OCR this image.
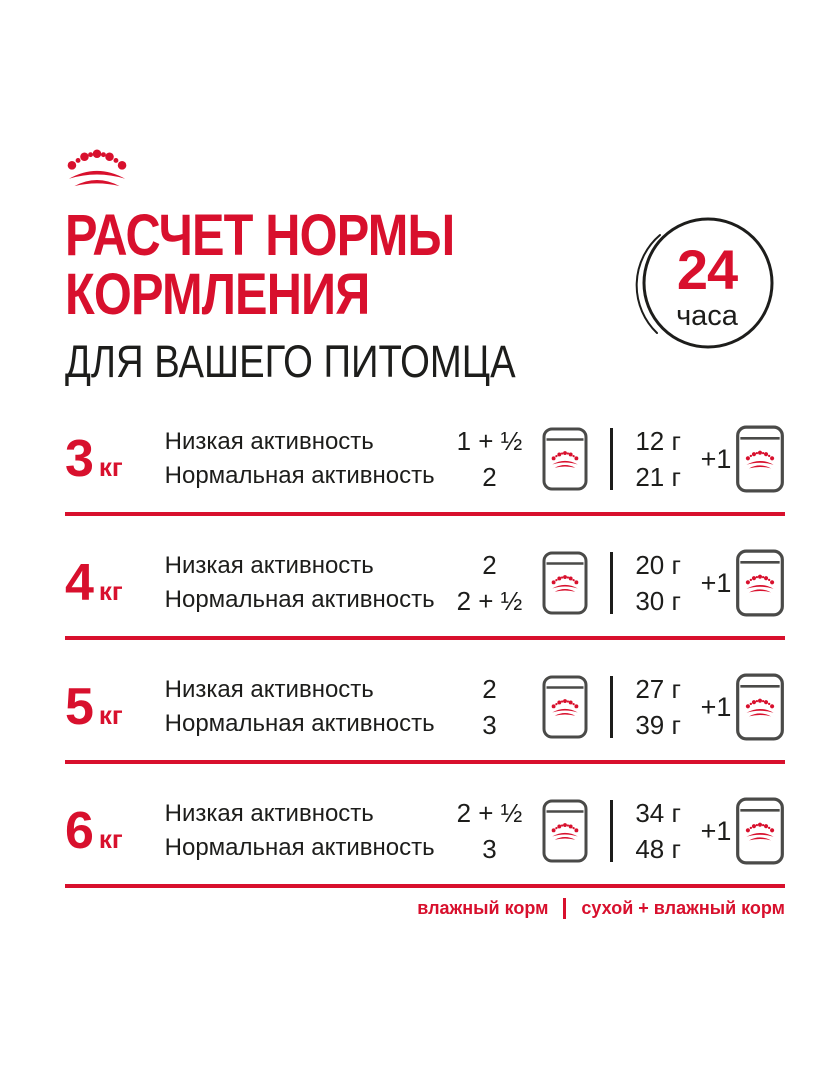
РАСЧЕТ НОРМЫ
КОРМЛЕНИЯ
ДЛЯ ВАШЕГО ПИТОМЦА
24
часа
3 кг
Низкая активность
Нормальная активность
1 + ½
2
12 г
21 г
+1
4 кг
Низкая активность
Нормальная активность
2
2 + ½
20 г
30 г
+1
5 кг
Низкая активность
Нормальная активность
2
3
27 г
39 г
+1
6 кг
Низкая активность
Нормальная активность
2 + ½
3
34 г
48 г
+1
влажный корм сухой + влажный корм
